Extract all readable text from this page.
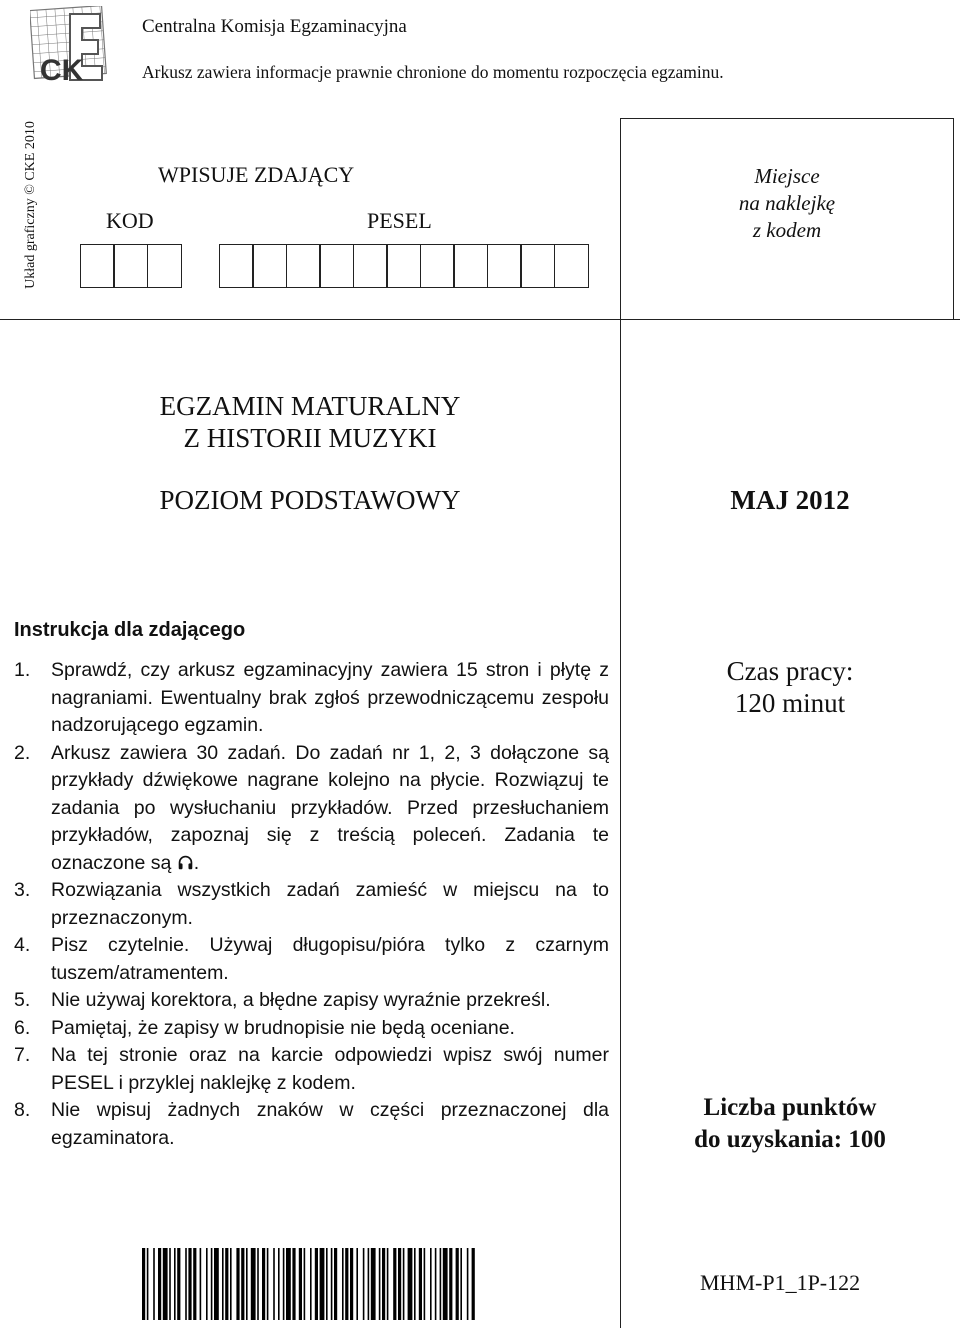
CK
Centralna Komisja Egzaminacyjna
Arkusz zawiera informacje prawnie chronione do momentu rozpoczęcia egzaminu.
Układ graficzny © CKE 2010	WPISUJE ZDAJĄCY
KOD	PESEL
Miejsce
na naklejkę
z kodem
EGZAMIN MATURALNY
Z HISTORII MUZYKI
POZIOM PODSTAWOWY	MAJ 2012
Instrukcja dla zdającego
1. Sprawdź, czy arkusz egzaminacyjny zawiera 15 stron i płytę z nagraniami. Ewentualny brak zgłoś przewodniczącemu zespołu nadzorującego egzamin.
2. Arkusz zawiera 30 zadań. Do zadań nr 1, 2, 3 dołączone są przykłady dźwiękowe nagrane kolejno na płycie. Rozwiązuj te zadania po wysłuchaniu przykładów. Przed przesłuchaniem przykładów, zapoznaj się z treścią poleceń. Zadania te oznaczone są .
3. Rozwiązania wszystkich zadań zamieść w miejscu na to przeznaczonym.
4. Pisz czytelnie. Używaj długopisu/pióra tylko z czarnym tuszem/atramentem.
5. Nie używaj korektora, a błędne zapisy wyraźnie przekreśl.
6. Pamiętaj, że zapisy w brudnopisie nie będą oceniane.
7. Na tej stronie oraz na karcie odpowiedzi wpisz swój numer PESEL i przyklej naklejkę z kodem.
8. Nie wpisuj żadnych znaków w części przeznaczonej dla egzaminatora.
Czas pracy:
120 minut
Liczba punktów
do uzyskania: 100
MHM-P1_1P-122
